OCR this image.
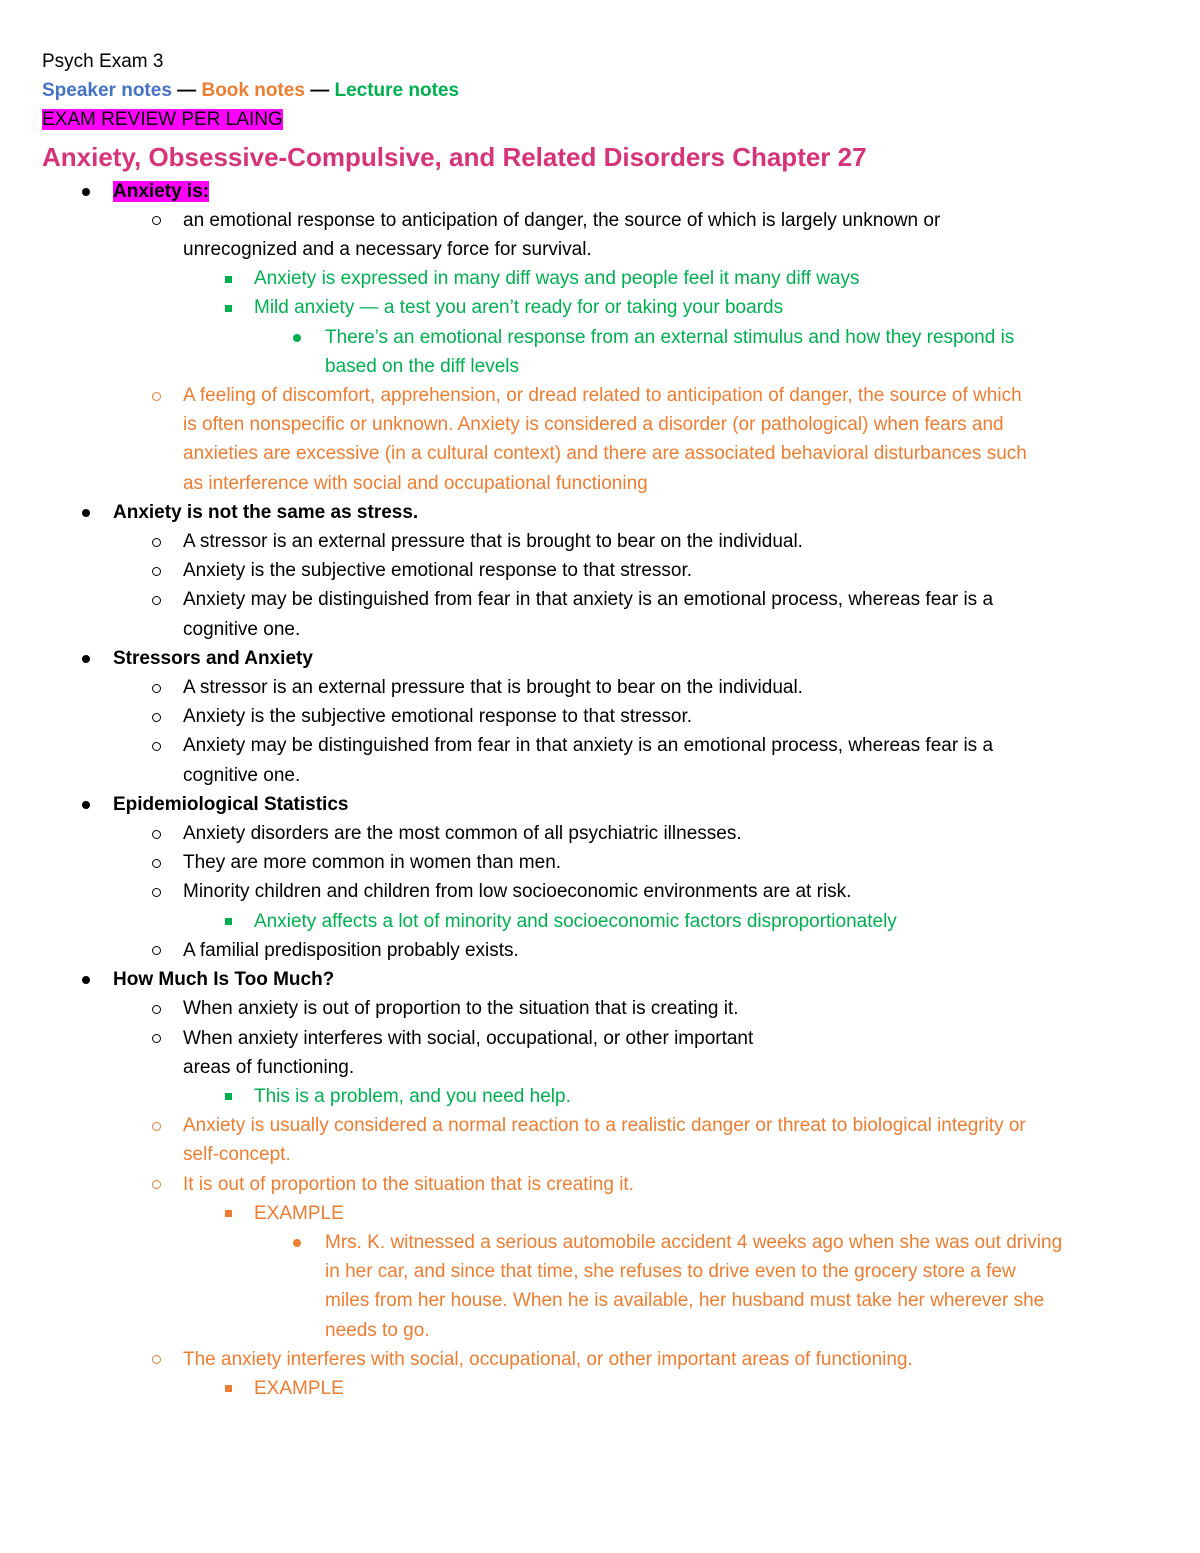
Psych Exam 3
Speaker notes — Book notes — Lecture notes
EXAM REVIEW PER LAING
Anxiety, Obsessive-Compulsive, and Related Disorders Chapter 27
Anxiety is:
an emotional response to anticipation of danger, the source of which is largely unknown or
unrecognized and a necessary force for survival.
Anxiety is expressed in many diff ways and people feel it many diff ways
Mild anxiety — a test you aren’t ready for or taking your boards
There’s an emotional response from an external stimulus and how they respond is
based on the diff levels
A feeling of discomfort, apprehension, or dread related to anticipation of danger, the source of which
is often nonspecific or unknown. Anxiety is considered a disorder (or pathological) when fears and
anxieties are excessive (in a cultural context) and there are associated behavioral disturbances such
as interference with social and occupational functioning
Anxiety is not the same as stress.
A stressor is an external pressure that is brought to bear on the individual.
Anxiety is the subjective emotional response to that stressor.
Anxiety may be distinguished from fear in that anxiety is an emotional process, whereas fear is a
cognitive one.
Stressors and Anxiety
A stressor is an external pressure that is brought to bear on the individual.
Anxiety is the subjective emotional response to that stressor.
Anxiety may be distinguished from fear in that anxiety is an emotional process, whereas fear is a
cognitive one.
Epidemiological Statistics
Anxiety disorders are the most common of all psychiatric illnesses.
They are more common in women than men.
Minority children and children from low socioeconomic environments are at risk.
Anxiety affects a lot of minority and socioeconomic factors disproportionately
A familial predisposition probably exists.
How Much Is Too Much?
When anxiety is out of proportion to the situation that is creating it.
When anxiety interferes with social, occupational, or other important
areas of functioning.
This is a problem, and you need help.
Anxiety is usually considered a normal reaction to a realistic danger or threat to biological integrity or
self-concept.
It is out of proportion to the situation that is creating it.
EXAMPLE
Mrs. K. witnessed a serious automobile accident 4 weeks ago when she was out driving
in her car, and since that time, she refuses to drive even to the grocery store a few
miles from her house. When he is available, her husband must take her wherever she
needs to go.
The anxiety interferes with social, occupational, or other important areas of functioning.
EXAMPLE
